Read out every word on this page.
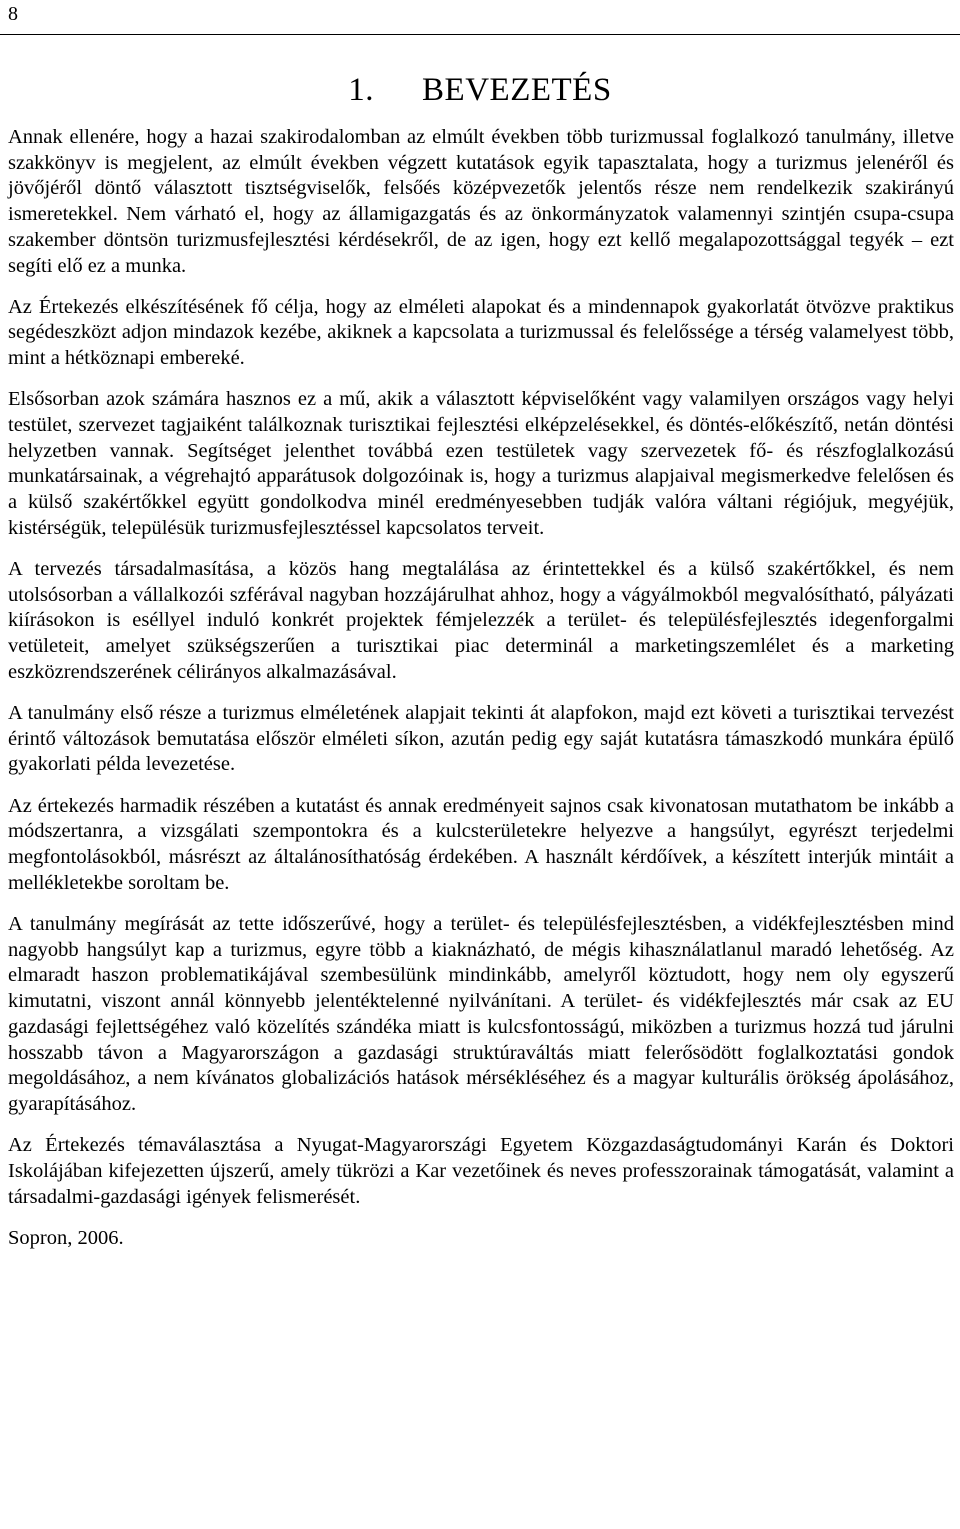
8
1. BEVEZETÉS

Annak ellenére, hogy a hazai szakirodalomban az elmúlt években több turizmussal foglalkozó tanulmány, illetve szakkönyv is megjelent, az elmúlt években végzett kutatások egyik tapasztalata, hogy a turizmus jelenéről és jövőjéről döntő választott tisztségviselők, felsőés középvezetők jelentős része nem rendelkezik szakirányú ismeretekkel. Nem várható el, hogy az államigazgatás és az önkormányzatok valamennyi szintjén csupa-csupa szakember döntsön turizmusfejlesztési kérdésekről, de az igen, hogy ezt kellő megalapozottsággal tegyék – ezt segíti elő ez a munka.

Az Értekezés elkészítésének fő célja, hogy az elméleti alapokat és a mindennapok gyakorlatát ötvözve praktikus segédeszközt adjon mindazok kezébe, akiknek a kapcsolata a turizmussal és felelőssége a térség valamelyest több, mint a hétköznapi embereké.

Elsősorban azok számára hasznos ez a mű, akik a választott képviselőként vagy valamilyen országos vagy helyi testület, szervezet tagjaiként találkoznak turisztikai fejlesztési elképzelésekkel, és döntés-előkészítő, netán döntési helyzetben vannak. Segítséget jelenthet továbbá ezen testületek vagy szervezetek fő- és részfoglalkozású munkatársainak, a végrehajtó apparátusok dolgozóinak is, hogy a turizmus alapjaival megismerkedve felelősen és a külső szakértőkkel együtt gondolkodva minél eredményesebben tudják valóra váltani régiójuk, megyéjük, kistérségük, településük turizmusfejlesztéssel kapcsolatos terveit.

A tervezés társadalmasítása, a közös hang megtalálása az érintettekkel és a külső szakértőkkel, és nem utolsósorban a vállalkozói szférával nagyban hozzájárulhat ahhoz, hogy a vágyálmokból megvalósítható, pályázati kiírásokon is eséllyel induló konkrét projektek fémjelezzék a terület- és településfejlesztés idegenforgalmi vetületeit, amelyet szükségszerűen a turisztikai piac determinál a marketingszemlélet és a marketing eszközrendszerének célirányos alkalmazásával.

A tanulmány első része a turizmus elméletének alapjait tekinti át alapfokon, majd ezt követi a turisztikai tervezést érintő változások bemutatása először elméleti síkon, azután pedig egy saját kutatásra támaszkodó munkára épülő gyakorlati példa levezetése.

Az értekezés harmadik részében a kutatást és annak eredményeit sajnos csak kivonatosan mutathatom be inkább a módszertanra, a vizsgálati szempontokra és a kulcsterületekre helyezve a hangsúlyt, egyrészt terjedelmi megfontolásokból, másrészt az általánosíthatóság érdekében. A használt kérdőívek, a készített interjúk mintáit a mellékletekbe soroltam be.

A tanulmány megírását az tette időszerűvé, hogy a terület- és településfejlesztésben, a vidékfejlesztésben mind nagyobb hangsúlyt kap a turizmus, egyre több a kiaknázható, de mégis kihasználatlanul maradó lehetőség. Az elmaradt haszon problematikájával szembesülünk mindinkább, amelyről köztudott, hogy nem oly egyszerű kimutatni, viszont annál könnyebb jelentéktelenné nyilvánítani. A terület- és vidékfejlesztés már csak az EU gazdasági fejlettségéhez való közelítés szándéka miatt is kulcsfontosságú, miközben a turizmus hozzá tud járulni hosszabb távon a Magyarországon a gazdasági struktúraváltás miatt felerősödött foglalkoztatási gondok megoldásához, a nem kívánatos globalizációs hatások mérsékléséhez és a magyar kulturális örökség ápolásához, gyarapításához.

Az Értekezés témaválasztása a Nyugat-Magyarországi Egyetem Közgazdaságtudományi Karán és Doktori Iskolájában kifejezetten újszerű, amely tükrözi a Kar vezetőinek és neves professzorainak támogatását, valamint a társadalmi-gazdasági igények felismerését.

Sopron, 2006.
